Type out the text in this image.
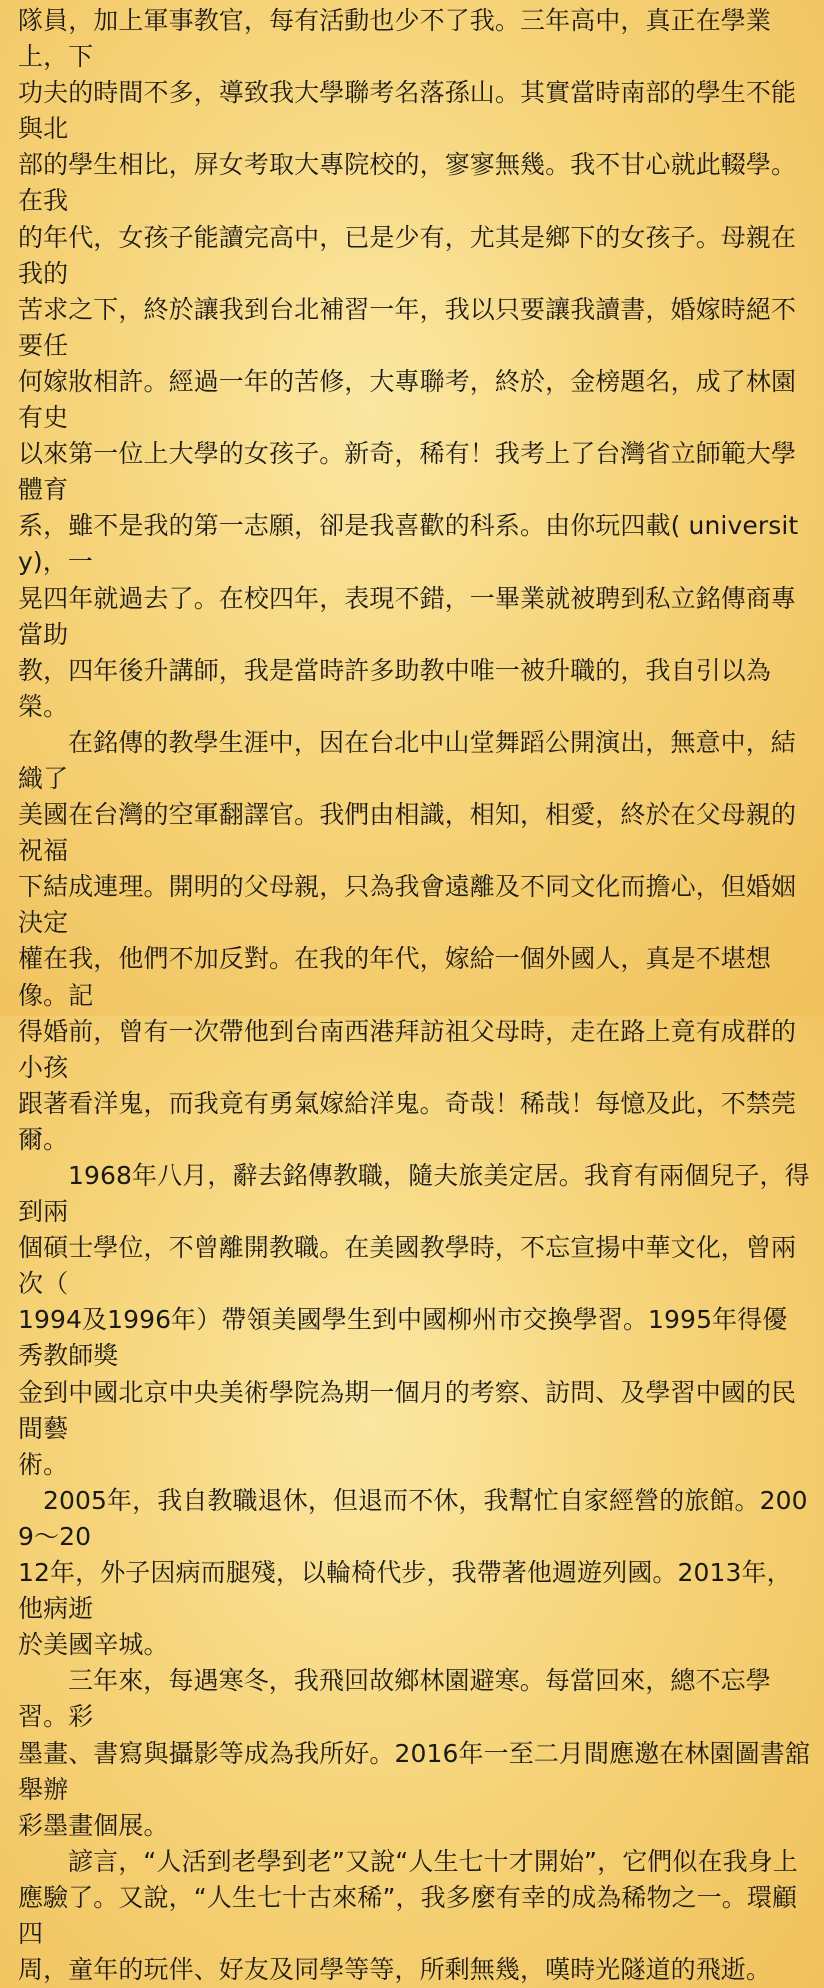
隊員，加上軍事教官，每有活動也少不了我。三年高中，真正在學業上，下
功夫的時間不多，導致我大學聯考名落孫山。其實當時南部的學生不能與北
部的學生相比，屏女考取大專院校的，寥寥無幾。我不甘心就此輟學。在我
的年代，女孩子能讀完高中，已是少有，尤其是鄉下的女孩子。母親在我的
苦求之下，終於讓我到台北補習一年，我以只要讓我讀書，婚嫁時絕不要任
何嫁妝相許。經過一年的苦修，大專聯考，終於，金榜題名，成了林園有史
以來第一位上大學的女孩子。新奇，稀有！我考上了台灣省立師範大學體育
系，雖不是我的第一志願，卻是我喜歡的科系。由你玩四載( university)，一
晃四年就過去了。在校四年，表現不錯，一畢業就被聘到私立銘傳商專當助
教，四年後升講師，我是當時許多助教中唯一被升職的，我自引以為榮。

在銘傳的教學生涯中，因在台北中山堂舞蹈公開演出，無意中，結織了
美國在台灣的空軍翻譯官。我們由相識，相知，相愛，終於在父母親的祝福
下結成連理。開明的父母親，只為我會遠離及不同文化而擔心，但婚姻決定
權在我，他們不加反對。在我的年代，嫁給一個外國人，真是不堪想像。記
得婚前，曾有一次帶他到台南西港拜訪祖父母時，走在路上竟有成群的小孩
跟著看洋鬼，而我竟有勇氣嫁給洋鬼。奇哉！稀哉！每憶及此，不禁莞爾。

1968年八月，辭去銘傳教職，隨夫旅美定居。我育有兩個兒子，得到兩
個碩士學位，不曾離開教職。在美國教學時，不忘宣揚中華文化，曾兩次（
1994及1996年）帶領美國學生到中國柳州市交換學習。1995年得優秀教師獎
金到中國北京中央美術學院為期一個月的考察、訪問、及學習中國的民間藝
術。

2005年，我自教職退休，但退而不休，我幫忙自家經營的旅館。2009～20
12年，外子因病而腿殘，以輪椅代步，我帶著他週遊列國。2013年，他病逝
於美國辛城。

三年來，每遇寒冬，我飛回故鄉林園避寒。每當回來，總不忘學習。彩
墨畫、書寫與攝影等成為我所好。2016年一至二月間應邀在林園圖書舘舉辦
彩墨畫個展。

諺言，“人活到老學到老”又說“人生七十才開始”，它們似在我身上
應驗了。又說，“人生七十古來稀”，我多麼有幸的成為稀物之一。環顧四
周，童年的玩伴、好友及同學等等，所剩無幾，嘆時光隧道的飛逝。
